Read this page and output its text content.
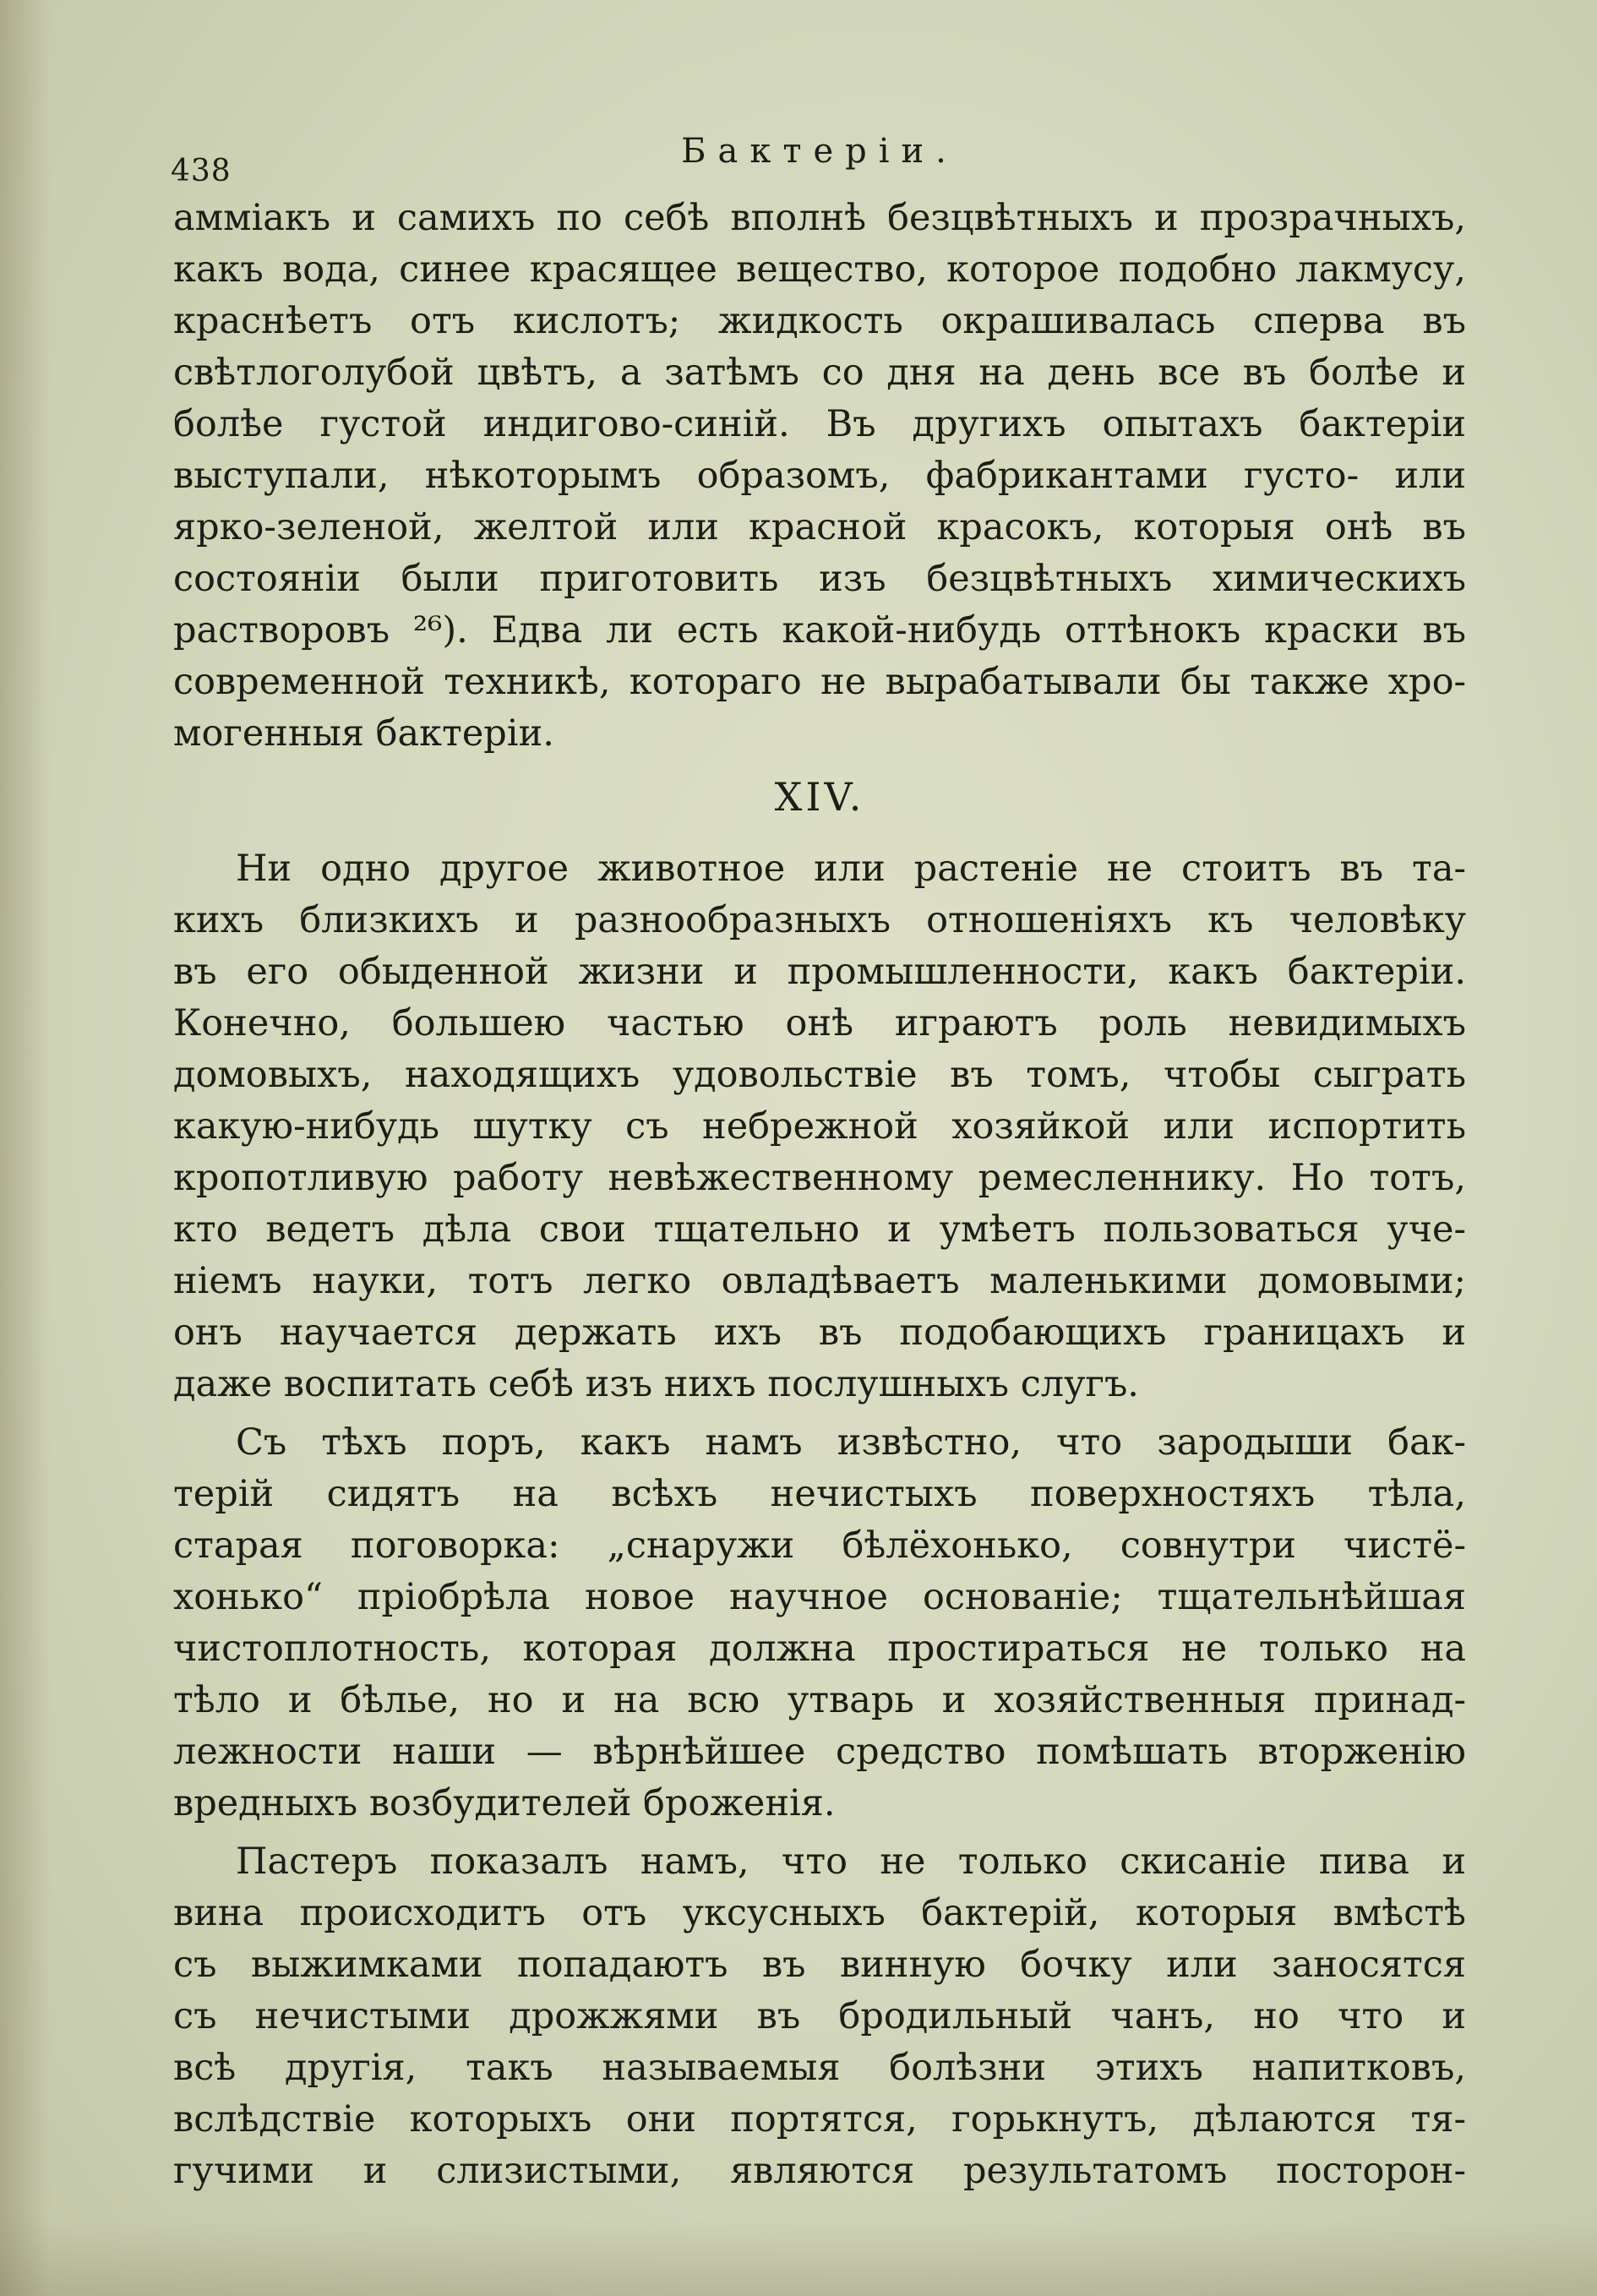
438
Бактеріи.
аммiакъ и самихъ по себѣ вполнѣ безцвѣтныхъ и прозрачныхъ,
какъ вода, синее красящее вещество, которое подобно лакмусу,
краснѣетъ отъ кислотъ; жидкость окрашивалась сперва въ
свѣтлоголубой цвѣтъ, а затѣмъ со дня на день все въ болѣе и
болѣе густой индигово-синiй. Въ другихъ опытахъ бактерiи
выступали, нѣкоторымъ образомъ, фабрикантами густо- или
ярко-зеленой, желтой или красной красокъ, которыя онѣ въ
состоянiи были приготовить изъ безцвѣтныхъ химическихъ
растворовъ ²⁶). Едва ли есть какой-нибудь оттѣнокъ краски въ
современной техникѣ, котораго не вырабатывали бы также хро-
могенныя бактерiи.
XIV.
Ни одно другое животное или растенiе не стоитъ въ та-
кихъ близкихъ и разнообразныхъ отношенiяхъ къ человѣку
въ его обыденной жизни и промышленности, какъ бактерiи.
Конечно, большею частью онѣ играютъ роль невидимыхъ
домовыхъ, находящихъ удовольствiе въ томъ, чтобы сыграть
какую-нибудь шутку съ небрежной хозяйкой или испортить
кропотливую работу невѣжественному ремесленнику. Но тотъ,
кто ведетъ дѣла свои тщательно и умѣетъ пользоваться уче-
нiемъ науки, тотъ легко овладѣваетъ маленькими домовыми;
онъ научается держать ихъ въ подобающихъ границахъ и
даже воспитать себѣ изъ нихъ послушныхъ слугъ.
Съ тѣхъ поръ, какъ намъ извѣстно, что зародыши бак-
терiй сидятъ на всѣхъ нечистыхъ поверхностяхъ тѣла,
старая поговорка: „снаружи бѣлёхонько, совнутри чистё-
хонько“ прiобрѣла новое научное основанiе; тщательнѣйшая
чистоплотность, которая должна простираться не только на
тѣло и бѣлье, но и на всю утварь и хозяйственныя принад-
лежности наши — вѣрнѣйшее средство помѣшать вторженiю
вредныхъ возбудителей броженiя.
Пастеръ показалъ намъ, что не только скисанiе пива и
вина происходитъ отъ уксусныхъ бактерiй, которыя вмѣстѣ
съ выжимками попадаютъ въ винную бочку или заносятся
съ нечистыми дрожжями въ бродильный чанъ, но что и
всѣ другiя, такъ называемыя болѣзни этихъ напитковъ,
вслѣдствiе которыхъ они портятся, горькнутъ, дѣлаются тя-
гучими и слизистыми, являются результатомъ посторон-
